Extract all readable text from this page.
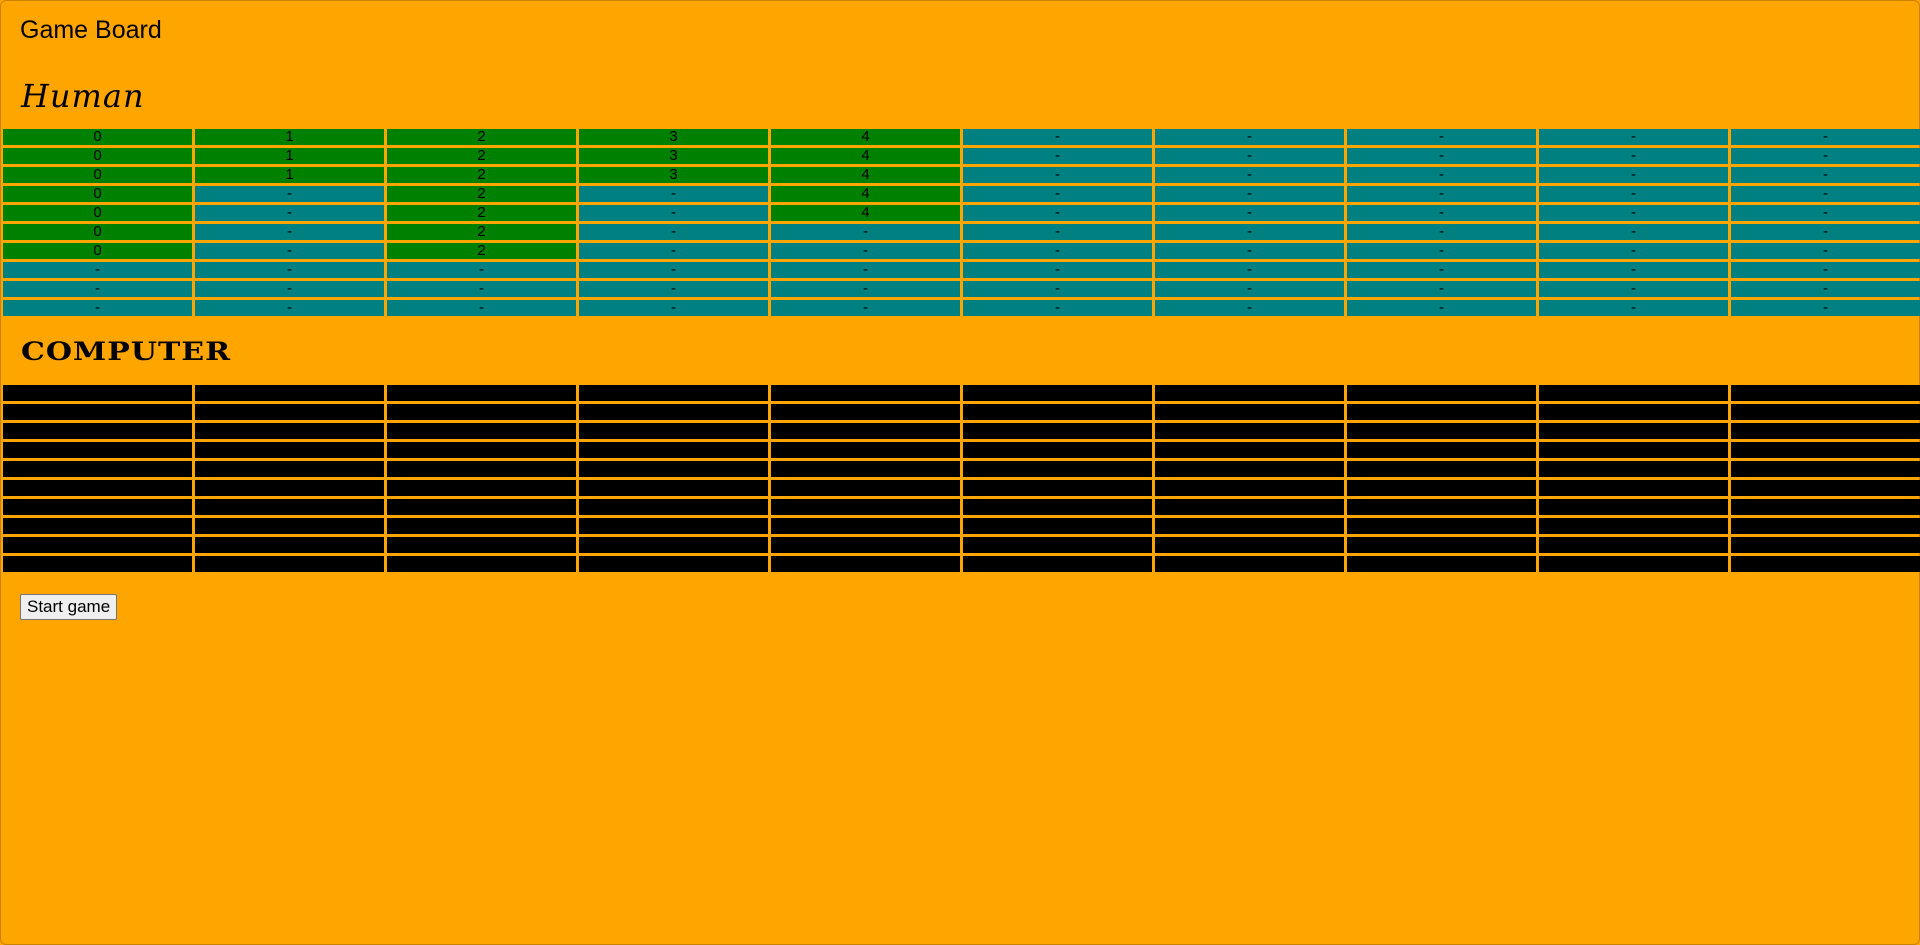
Game Board
Human
0	1	2	3	4	-	-	-	-	-
0	1	2	3	4	-	-	-	-	-
0	1	2	3	4	-	-	-	-	-
0	-	2	-	4	-	-	-	-	-
0	-	2	-	4	-	-	-	-	-
0	-	2	-	-	-	-	-	-	-
0	-	2	-	-	-	-	-	-	-
-	-	-	-	-	-	-	-	-	-
-	-	-	-	-	-	-	-	-	-
-	-	-	-	-	-	-	-	-	-
COMPUTER
Start game
